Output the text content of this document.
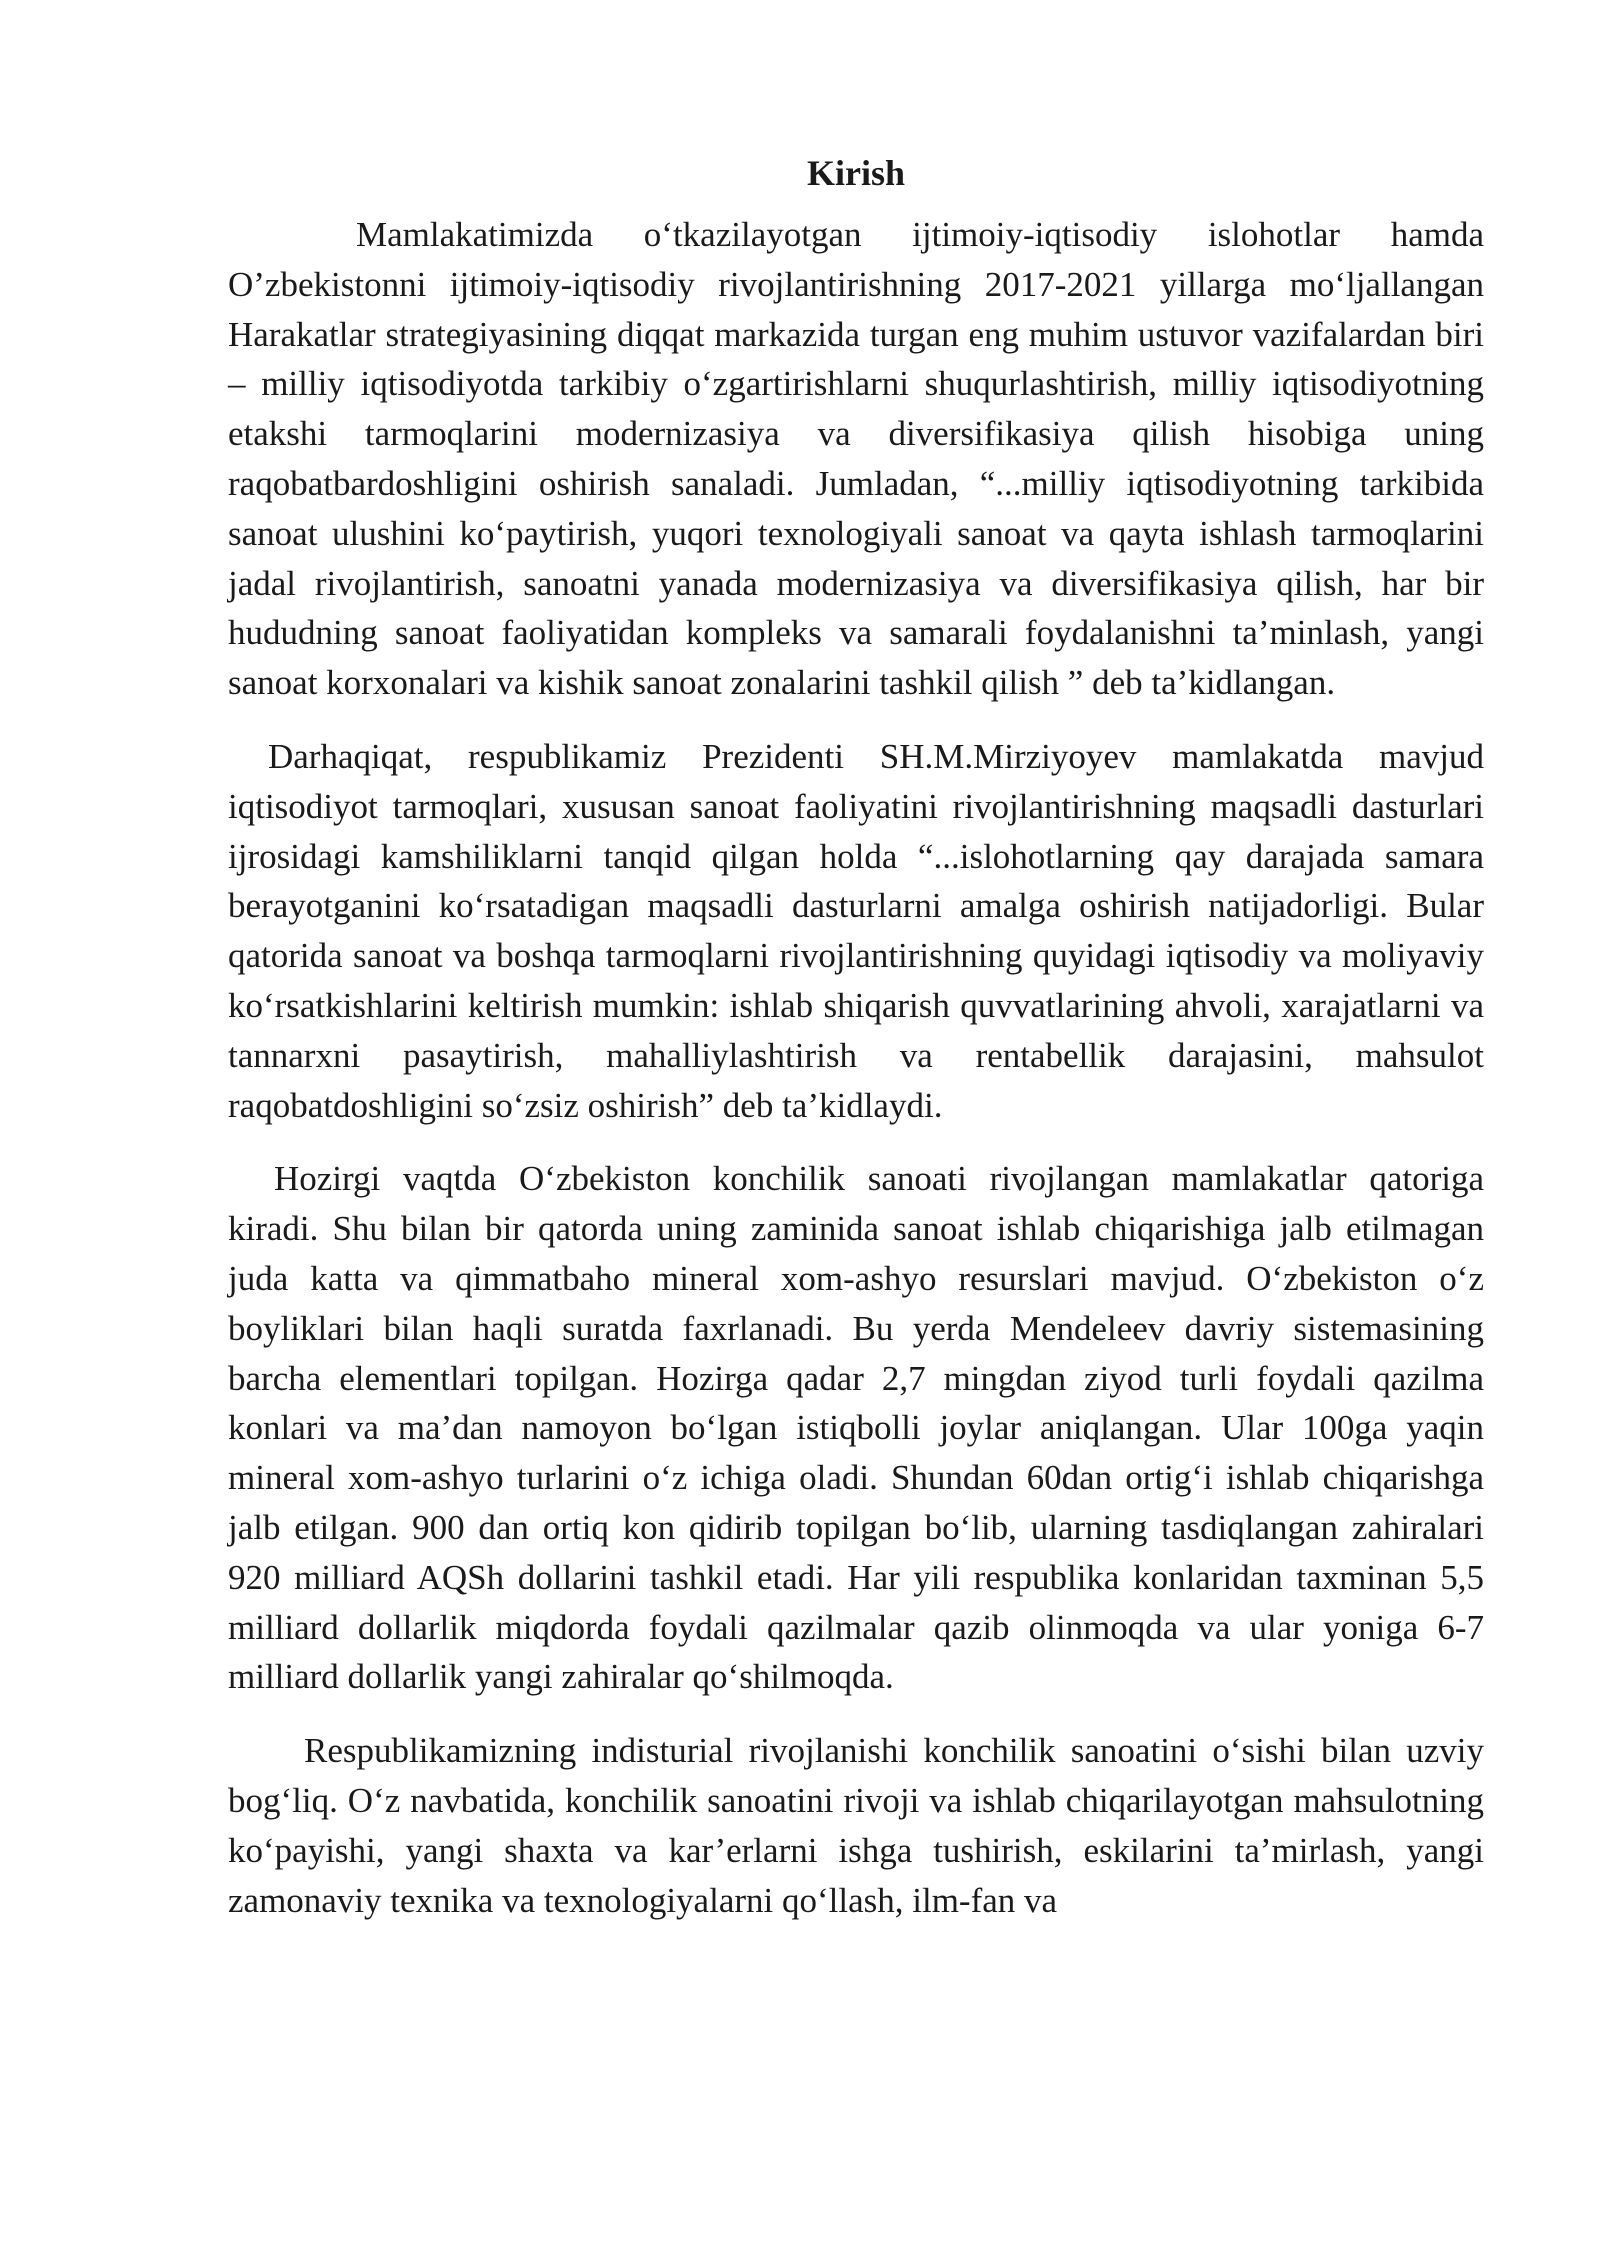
Kirish

Mamlakatimizda o‘tkazilayotgan ijtimoiy-iqtisodiy islohotlar hamda O’zbekistonni ijtimoiy-iqtisodiy rivojlantirishning 2017-2021 yillarga mo‘ljallangan Harakatlar strategiyasining diqqat markazida turgan eng muhim ustuvor vazifalardan biri – milliy iqtisodiyotda tarkibiy o‘zgartirishlarni shuqurlashtirish, milliy iqtisodiyotning etakshi tarmoqlarini modernizasiya va diversifikasiya qilish hisobiga uning raqobatbardoshligini oshirish sanaladi. Jumladan, “...milliy iqtisodiyotning tarkibida sanoat ulushini ko‘paytirish, yuqori texnologiyali sanoat va qayta ishlash tarmoqlarini jadal rivojlantirish, sanoatni yanada modernizasiya va diversifikasiya qilish, har bir hududning sanoat faoliyatidan kompleks va samarali foydalanishni ta’minlash, yangi sanoat korxonalari va kishik sanoat zonalarini tashkil qilish ” deb ta’kidlangan.

Darhaqiqat, respublikamiz Prezidenti SH.M.Mirziyoyev mamlakatda mavjud iqtisodiyot tarmoqlari, xususan sanoat faoliyatini rivojlantirishning maqsadli dasturlari ijrosidagi kamshiliklarni tanqid qilgan holda “...islohotlarning qay darajada samara berayotganini ko‘rsatadigan maqsadli dasturlarni amalga oshirish natijadorligi. Bular qatorida sanoat va boshqa tarmoqlarni rivojlantirishning quyidagi iqtisodiy va moliyaviy ko‘rsatkishlarini keltirish mumkin: ishlab shiqarish quvvatlarining ahvoli, xarajatlarni va tannarxni pasaytirish, mahalliylashtirish va rentabellik darajasini, mahsulot raqobatdoshligini so‘zsiz oshirish” deb ta’kidlaydi.

Hozirgi vaqtda O‘zbekiston konchilik sanoati rivojlangan mamlakatlar qatoriga kiradi. Shu bilan bir qatorda uning zaminida sanoat ishlab chiqarishiga jalb etilmagan juda katta va qimmatbaho mineral xom-ashyo resurslari mavjud. O‘zbekiston o‘z boyliklari bilan haqli suratda faxrlanadi. Bu yerda Mendeleev davriy sistemasining barcha elementlari topilgan. Hozirga qadar 2,7 mingdan ziyod turli foydali qazilma konlari va ma’dan namoyon bo‘lgan istiqbolli joylar aniqlangan. Ular 100ga yaqin mineral xom-ashyo turlarini o‘z ichiga oladi. Shundan 60dan ortig‘i ishlab chiqarishga jalb etilgan. 900 dan ortiq kon qidirib topilgan bo‘lib, ularning tasdiqlangan zahiralari 920 milliard AQSh dollarini tashkil etadi. Har yili respublika konlaridan taxminan 5,5 milliard dollarlik miqdorda foydali qazilmalar qazib olinmoqda va ular yoniga 6-7 milliard dollarlik yangi zahiralar qo‘shilmoqda.

Respublikamizning indisturial rivojlanishi konchilik sanoatini o‘sishi bilan uzviy bog‘liq. O‘z navbatida, konchilik sanoatini rivoji va ishlab chiqarilayotgan mahsulotning ko‘payishi, yangi shaxta va kar’erlarni ishga tushirish, eskilarini ta’mirlash, yangi zamonaviy texnika va texnologiyalarni qo‘llash, ilm-fan va
